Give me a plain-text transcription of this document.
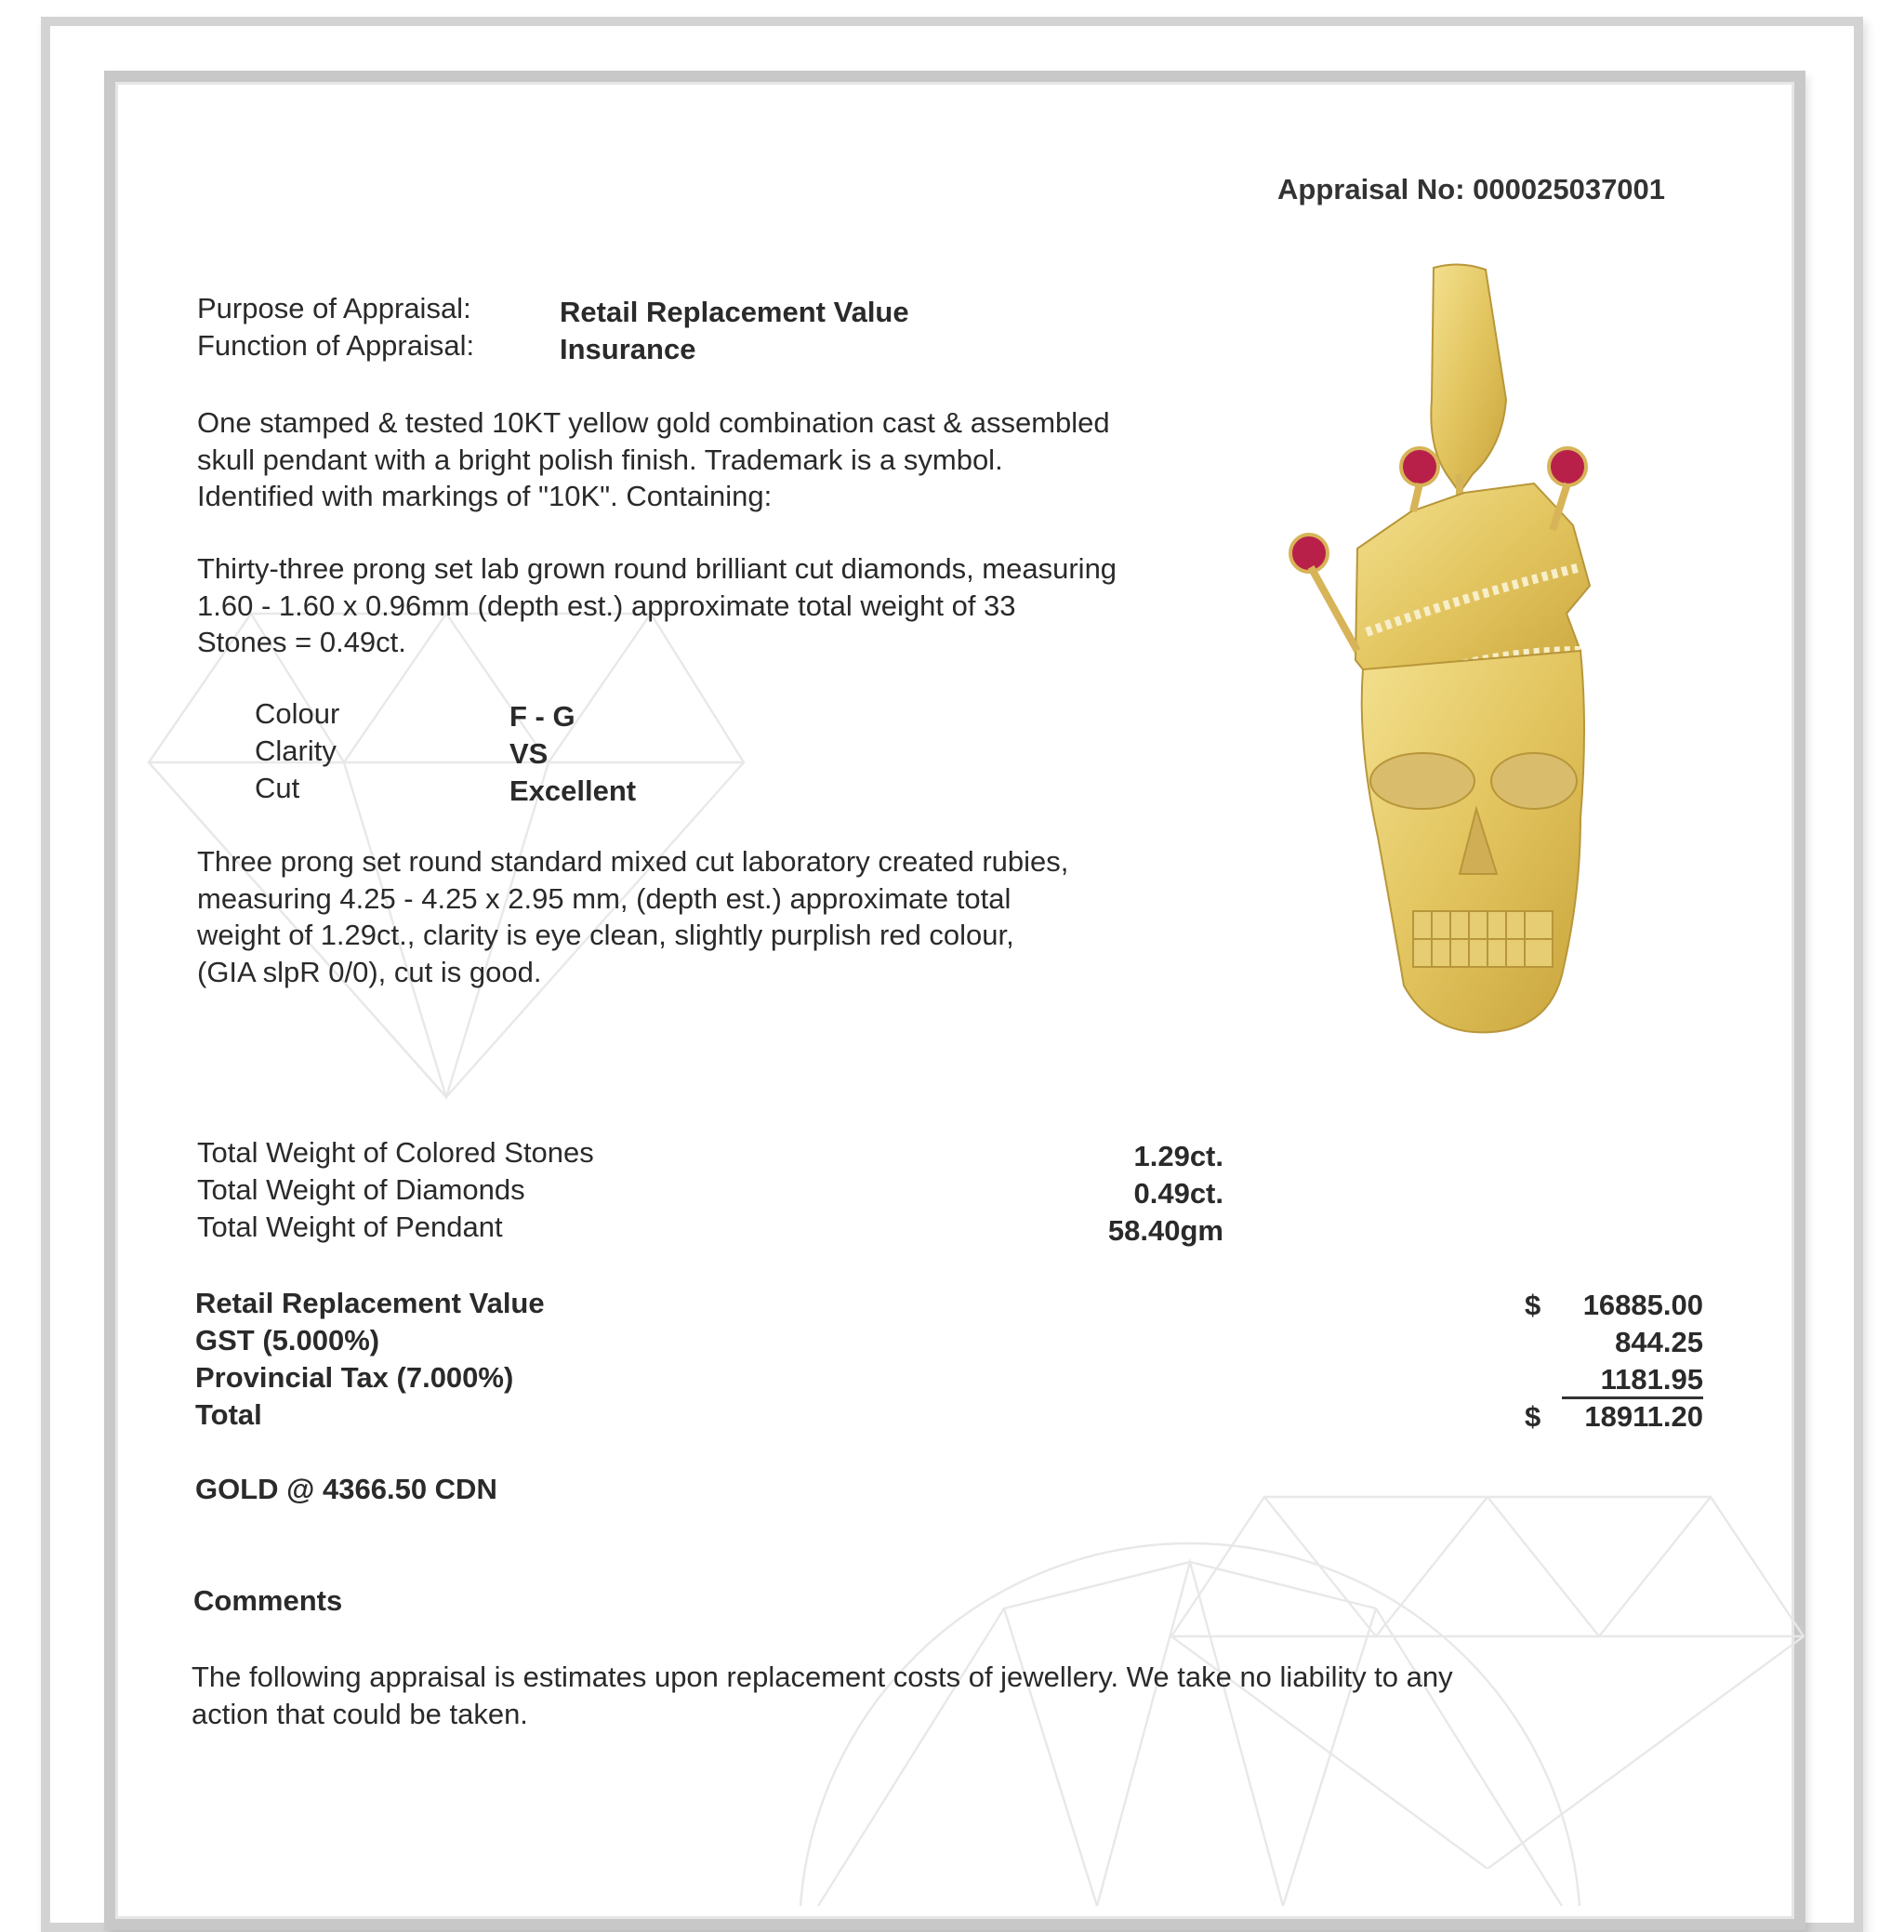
Appraisal No: 000025037001
Purpose of Appraisal:	Retail Replacement Value
Function of Appraisal:	Insurance
One stamped & tested 10KT yellow gold combination cast & assembled
skull pendant with a bright polish finish. Trademark is a symbol.
Identified with markings of "10K". Containing:
Thirty-three prong set lab grown round brilliant cut diamonds, measuring
1.60 - 1.60 x 0.96mm (depth est.) approximate total weight of 33
Stones = 0.49ct.
Colour	F - G
Clarity	VS
Cut	Excellent
Three prong set round standard mixed cut laboratory created rubies,
measuring 4.25 - 4.25 x 2.95 mm, (depth est.) approximate total
weight of 1.29ct., clarity is eye clean, slightly purplish red colour,
(GIA slpR 0/0), cut is good.
Total Weight of Colored Stones	1.29ct.
Total Weight of Diamonds	0.49ct.
Total Weight of Pendant	58.40gm
Retail Replacement Value	$ 16885.00
GST (5.000%)	844.25
Provincial Tax (7.000%)	1181.95
Total	$ 18911.20
GOLD @ 4366.50 CDN
Comments
The following appraisal is estimates upon replacement costs of jewellery. We take no liability to any
action that could be taken.
